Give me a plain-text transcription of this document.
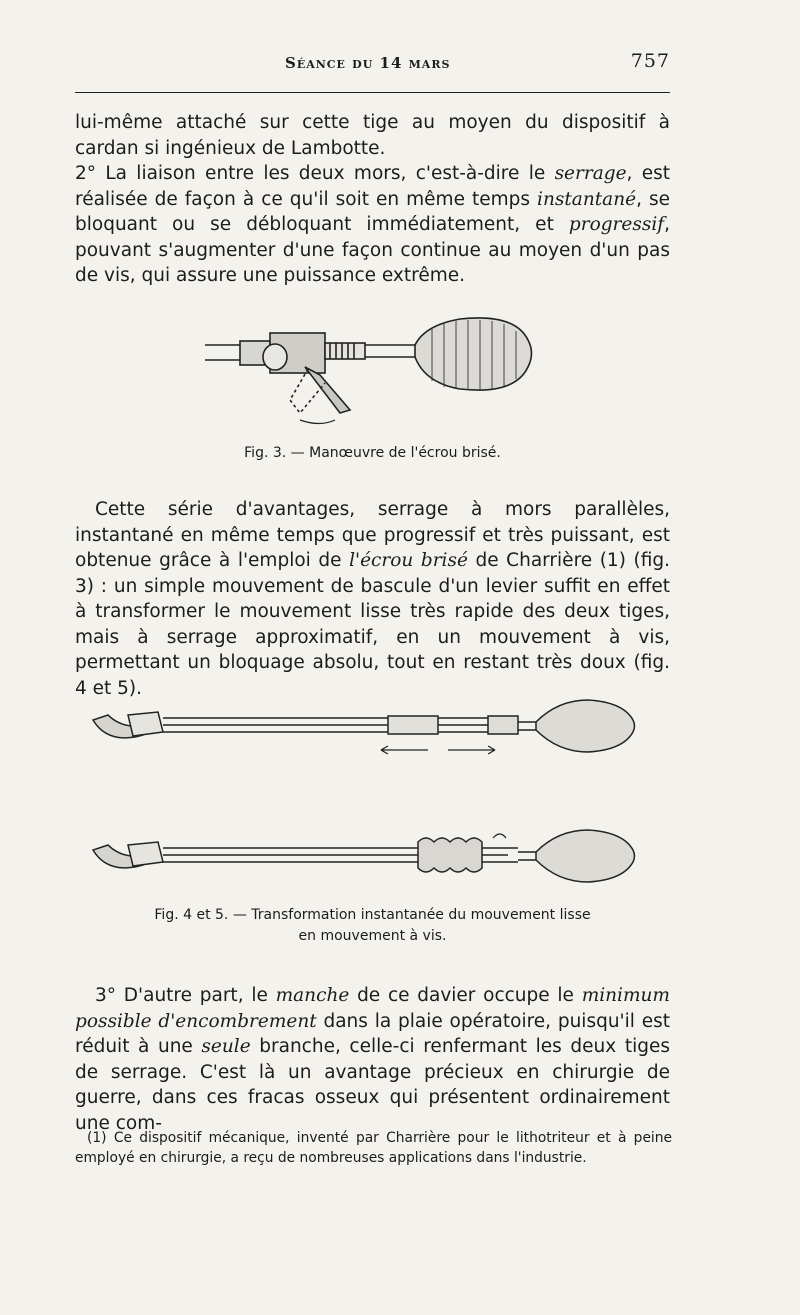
Séance du 14 mars	757

lui-même attaché sur cette tige au moyen du dispositif à cardan si ingénieux de Lambotte.

2° La liaison entre les deux mors, c'est-à-dire le serrage, est réalisée de façon à ce qu'il soit en même temps instantané, se bloquant ou se débloquant immédiatement, et progressif, pouvant s'augmenter d'une façon continue au moyen d'un pas de vis, qui assure une puissance extrême.

Fig. 3. — Manœuvre de l'écrou brisé.

Cette série d'avantages, serrage à mors parallèles, instantané en même temps que progressif et très puissant, est obtenue grâce à l'emploi de l'écrou brisé de Charrière (1) (fig. 3) : un simple mouvement de bascule d'un levier suffit en effet à transformer le mouvement lisse très rapide des deux tiges, mais à serrage approximatif, en un mouvement à vis, permettant un bloquage absolu, tout en restant très doux (fig. 4 et 5).

Fig. 4 et 5. — Transformation instantanée du mouvement lisse
en mouvement à vis.

3° D'autre part, le manche de ce davier occupe le minimum possible d'encombrement dans la plaie opératoire, puisqu'il est réduit à une seule branche, celle-ci renfermant les deux tiges de serrage. C'est là un avantage précieux en chirurgie de guerre, dans ces fracas osseux qui présentent ordinairement une com-

(1) Ce dispositif mécanique, inventé par Charrière pour le lithotriteur et à peine employé en chirurgie, a reçu de nombreuses applications dans l'industrie.
